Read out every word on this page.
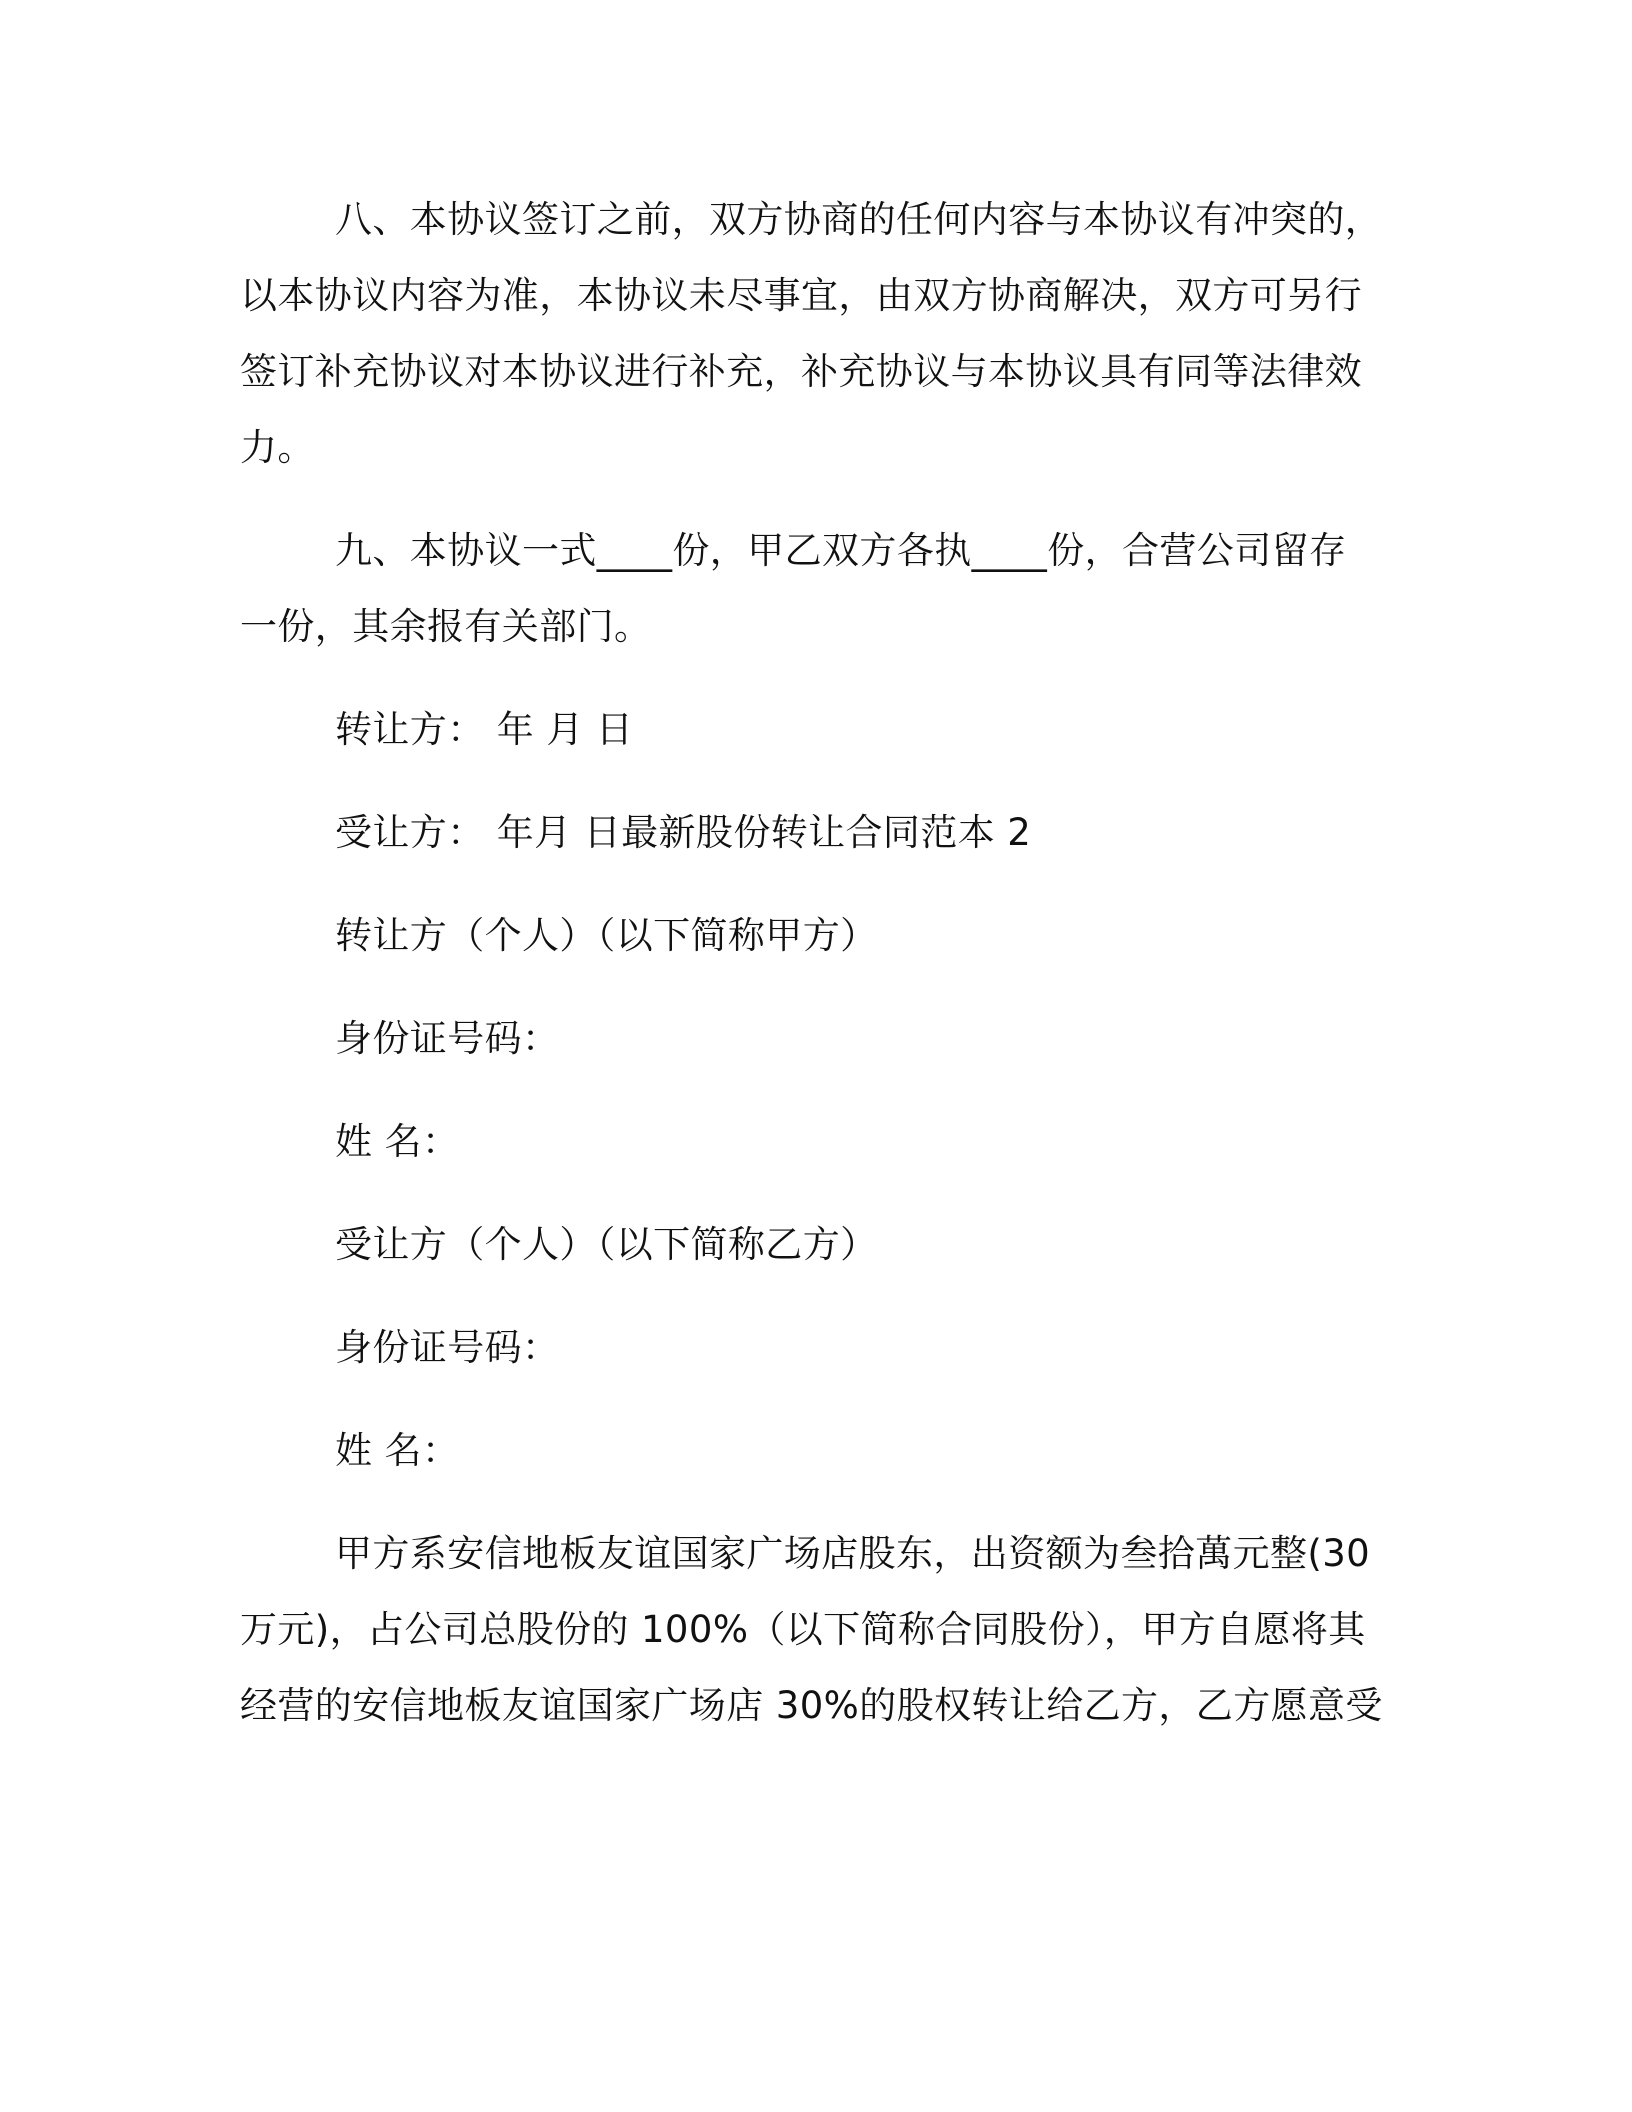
八、本协议签订之前，双方协商的任何内容与本协议有冲突的，
以本协议内容为准，本协议未尽事宜，由双方协商解决，双方可另行
签订补充协议对本协议进行补充，补充协议与本协议具有同等法律效
力。
九、本协议一式____份，甲乙双方各执____份，合营公司留存
一份，其余报有关部门。
转让方： 年 月 日
受让方： 年月 日最新股份转让合同范本 2
转让方（个人）（以下简称甲方）
身份证号码：
姓 名：
受让方（个人）（以下简称乙方）
身份证号码：
姓 名：
甲方系安信地板友谊国家广场店股东，出资额为叁拾萬元整(30
万元)，占公司总股份的 100%（以下简称合同股份），甲方自愿将其
经营的安信地板友谊国家广场店 30%的股权转让给乙方，乙方愿意受
